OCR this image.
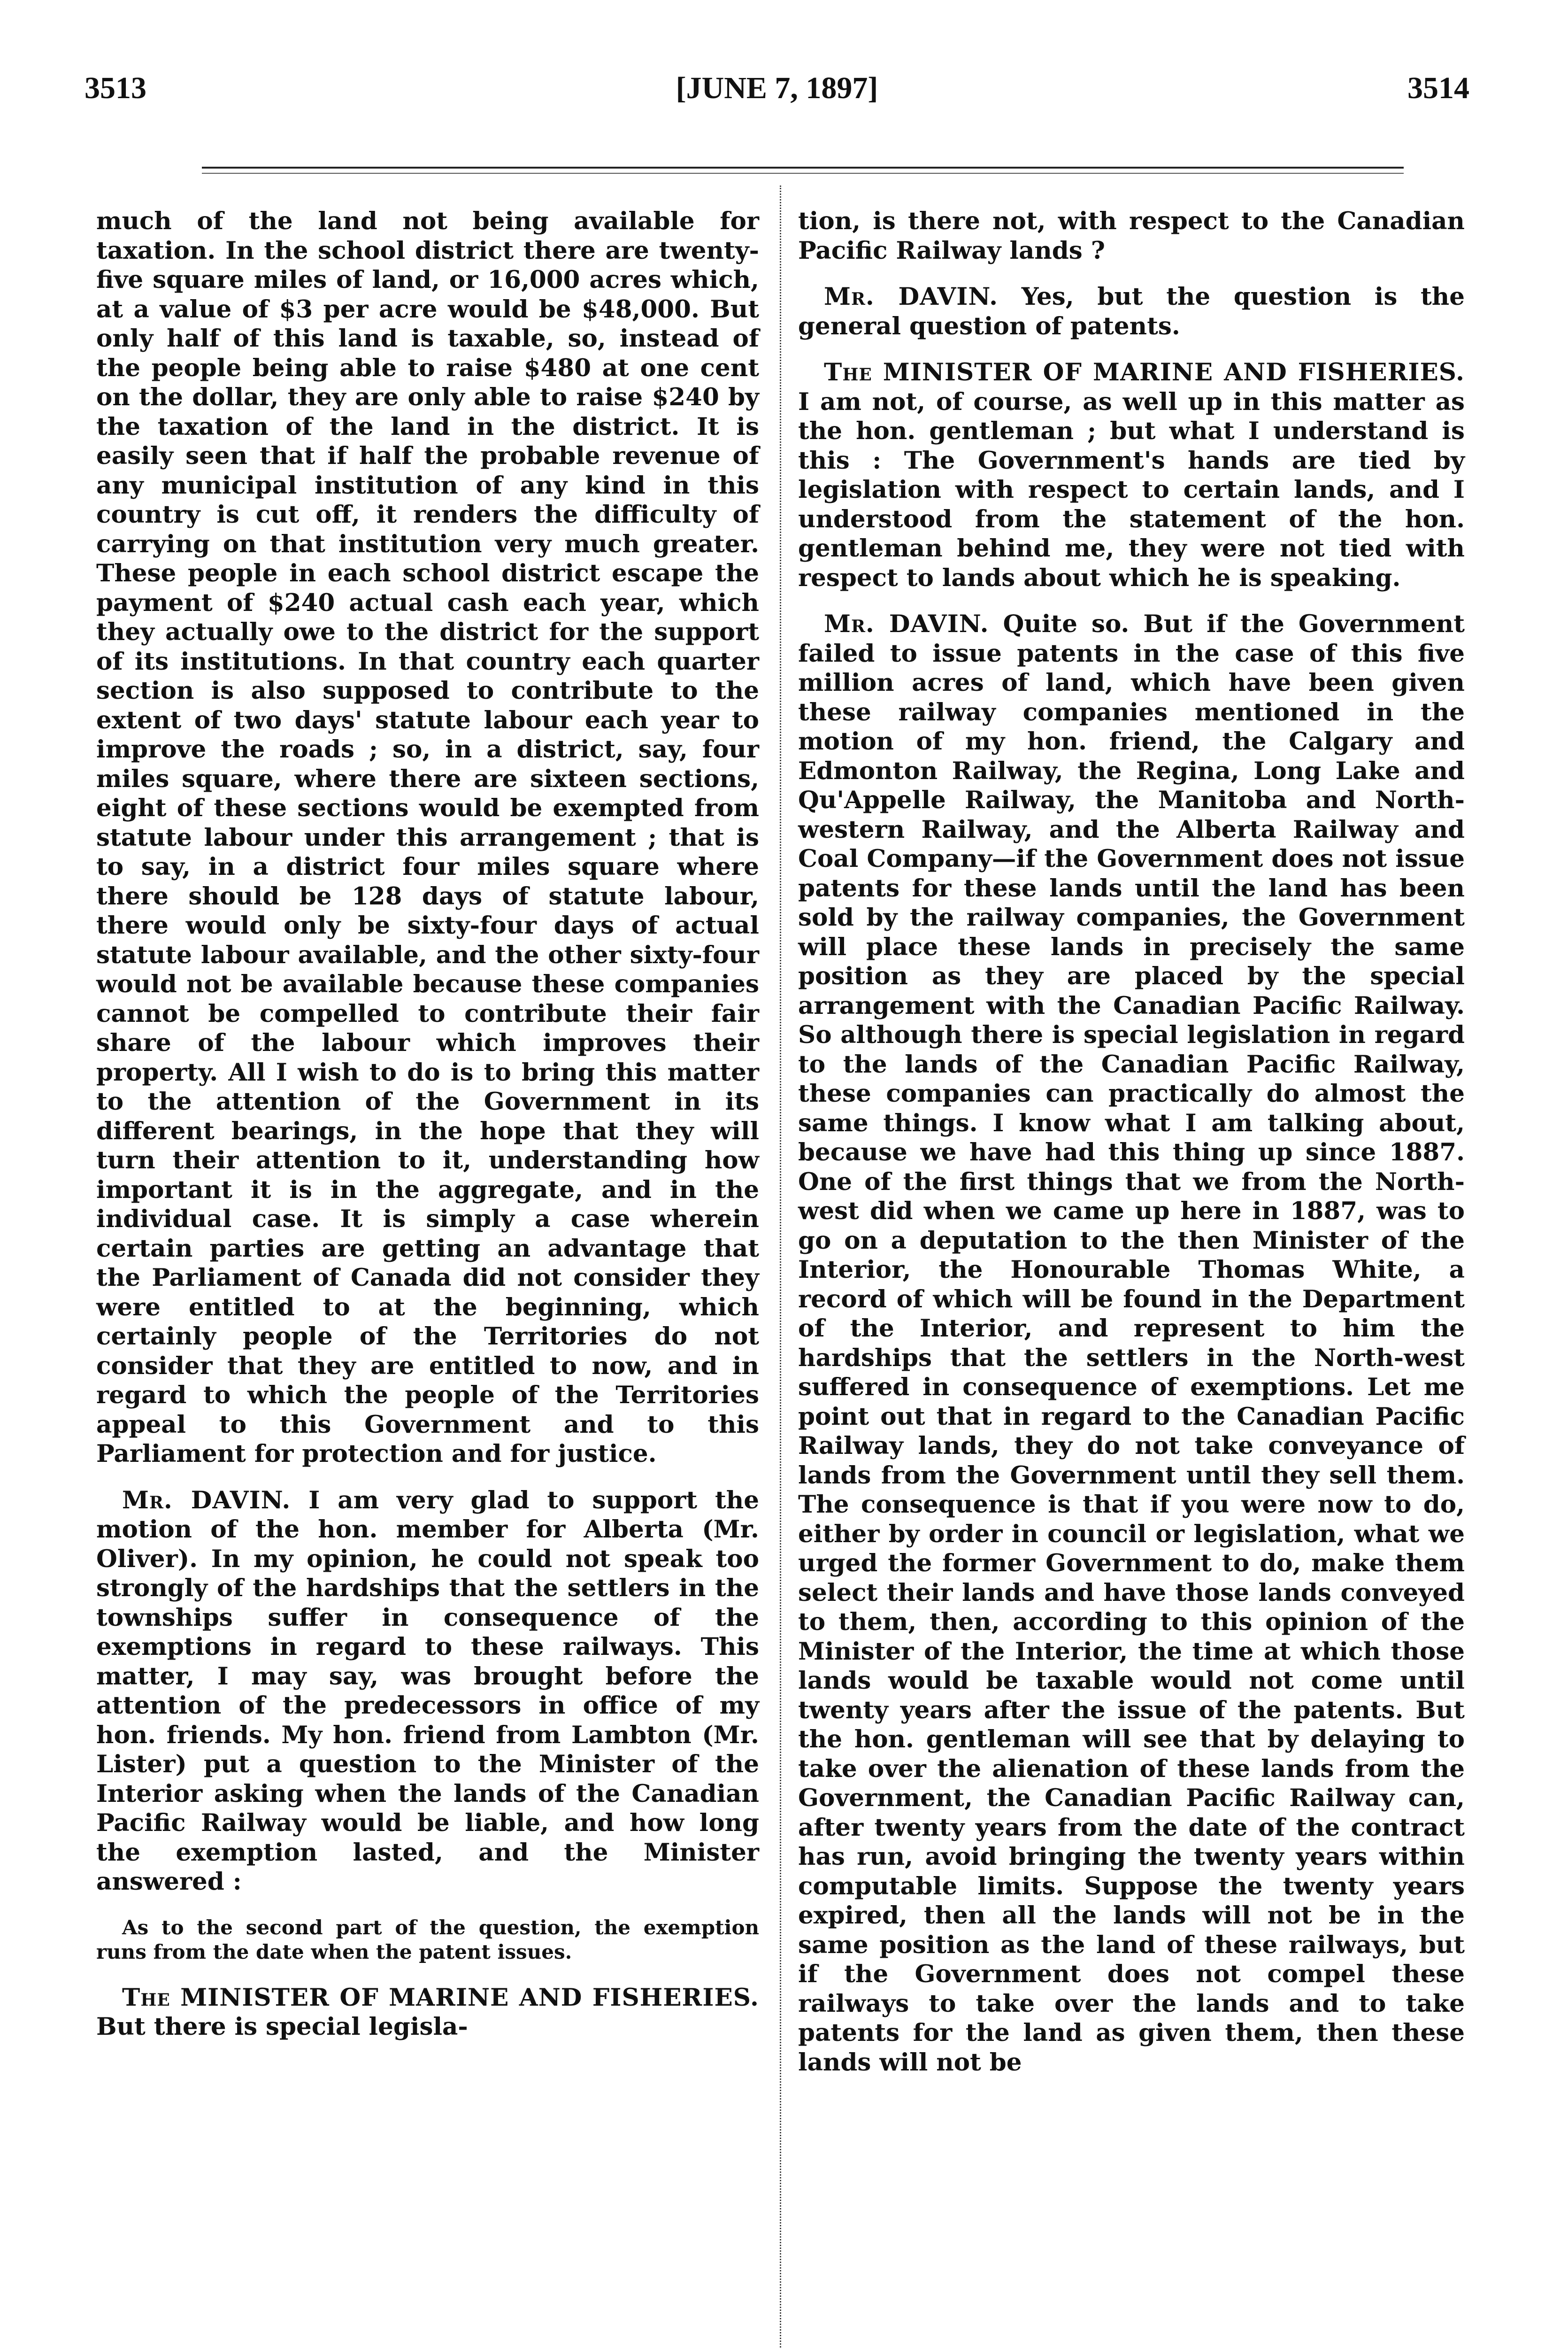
3513	[JUNE 7, 1897]	3514

much of the land not being available for taxation. In the school district there are twenty-five square miles of land, or 16,000 acres which, at a value of $3 per acre would be $48,000. But only half of this land is taxable, so, instead of the people being able to raise $480 at one cent on the dollar, they are only able to raise $240 by the taxation of the land in the district. It is easily seen that if half the probable revenue of any municipal institution of any kind in this country is cut off, it renders the difficulty of carrying on that institution very much greater. These people in each school district escape the payment of $240 actual cash each year, which they actually owe to the district for the support of its institutions. In that country each quarter section is also supposed to contribute to the extent of two days' statute labour each year to improve the roads ; so, in a district, say, four miles square, where there are sixteen sections, eight of these sections would be exempted from statute labour under this arrangement ; that is to say, in a district four miles square where there should be 128 days of statute labour, there would only be sixty-four days of actual statute labour available, and the other sixty-four would not be available because these companies cannot be compelled to contribute their fair share of the labour which improves their property. All I wish to do is to bring this matter to the attention of the Government in its different bearings, in the hope that they will turn their attention to it, understanding how important it is in the aggregate, and in the individual case. It is simply a case wherein certain parties are getting an advantage that the Parliament of Canada did not consider they were entitled to at the beginning, which certainly people of the Territories do not consider that they are entitled to now, and in regard to which the people of the Territories appeal to this Government and to this Parliament for protection and for justice.

Mr. DAVIN. I am very glad to support the motion of the hon. member for Alberta (Mr. Oliver). In my opinion, he could not speak too strongly of the hardships that the settlers in the townships suffer in consequence of the exemptions in regard to these railways. This matter, I may say, was brought before the attention of the predecessors in office of my hon. friends. My hon. friend from Lambton (Mr. Lister) put a question to the Minister of the Interior asking when the lands of the Canadian Pacific Railway would be liable, and how long the exemption lasted, and the Minister answered :

As to the second part of the question, the exemption runs from the date when the patent issues.

The MINISTER OF MARINE AND FISHERIES. But there is special legisla-

tion, is there not, with respect to the Canadian Pacific Railway lands ?

Mr. DAVIN. Yes, but the question is the general question of patents.

The MINISTER OF MARINE AND FISHERIES. I am not, of course, as well up in this matter as the hon. gentleman ; but what I understand is this : The Government's hands are tied by legislation with respect to certain lands, and I understood from the statement of the hon. gentleman behind me, they were not tied with respect to lands about which he is speaking.

Mr. DAVIN. Quite so. But if the Government failed to issue patents in the case of this five million acres of land, which have been given these railway companies mentioned in the motion of my hon. friend, the Calgary and Edmonton Railway, the Regina, Long Lake and Qu'Appelle Railway, the Manitoba and North-western Railway, and the Alberta Railway and Coal Company—if the Government does not issue patents for these lands until the land has been sold by the railway companies, the Government will place these lands in precisely the same position as they are placed by the special arrangement with the Canadian Pacific Railway. So although there is special legislation in regard to the lands of the Canadian Pacific Railway, these companies can practically do almost the same things. I know what I am talking about, because we have had this thing up since 1887. One of the first things that we from the North-west did when we came up here in 1887, was to go on a deputation to the then Minister of the Interior, the Honourable Thomas White, a record of which will be found in the Department of the Interior, and represent to him the hardships that the settlers in the North-west suffered in consequence of exemptions. Let me point out that in regard to the Canadian Pacific Railway lands, they do not take conveyance of lands from the Government until they sell them. The consequence is that if you were now to do, either by order in council or legislation, what we urged the former Government to do, make them select their lands and have those lands conveyed to them, then, according to this opinion of the Minister of the Interior, the time at which those lands would be taxable would not come until twenty years after the issue of the patents. But the hon. gentleman will see that by delaying to take over the alienation of these lands from the Government, the Canadian Pacific Railway can, after twenty years from the date of the contract has run, avoid bringing the twenty years within computable limits. Suppose the twenty years expired, then all the lands will not be in the same position as the land of these railways, but if the Government does not compel these railways to take over the lands and to take patents for the land as given them, then these lands will not be
